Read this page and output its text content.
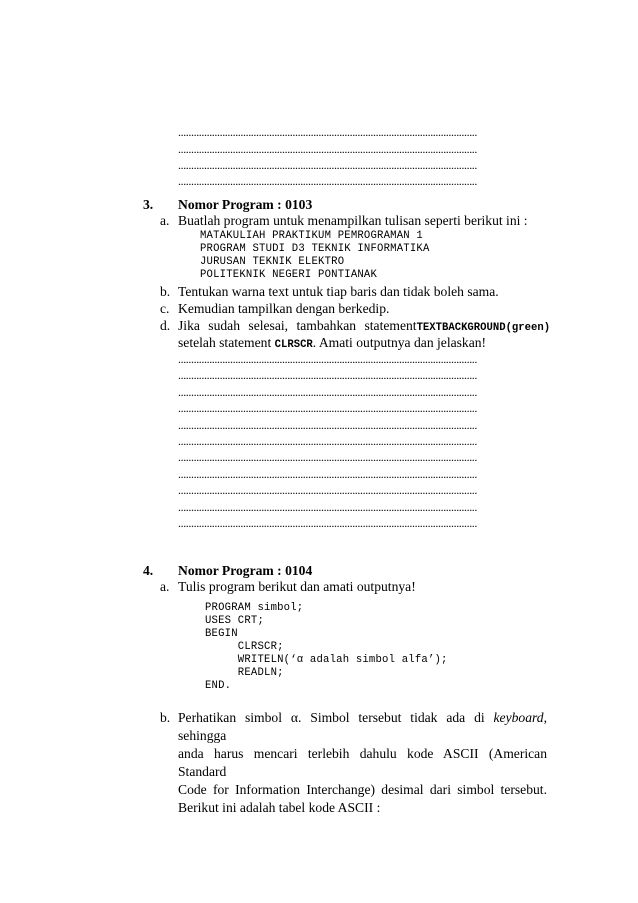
...................................................................................................................
...................................................................................................................
...................................................................................................................
...................................................................................................................
3. Nomor Program : 0103
a. Buatlah program untuk menampilkan tulisan seperti berikut ini :
MATAKULIAH PRAKTIKUM PEMROGRAMAN 1
PROGRAM STUDI D3 TEKNIK INFORMATIKA
JURUSAN TEKNIK ELEKTRO
POLITEKNIK NEGERI PONTIANAK
b. Tentukan warna text untuk tiap baris dan tidak boleh sama.
c. Kemudian tampilkan dengan berkedip.
d. Jika sudah selesai, tambahkan statement TEXTBACKGROUND(green)
setelah statement CLRSCR. Amati outputnya dan jelaskan!
...................................................................................................................
...................................................................................................................
...................................................................................................................
...................................................................................................................
...................................................................................................................
...................................................................................................................
...................................................................................................................
...................................................................................................................
...................................................................................................................
...................................................................................................................
...................................................................................................................
4. Nomor Program : 0104
a. Tulis program berikut dan amati outputnya!
PROGRAM simbol;
USES CRT;
BEGIN
CLRSCR;
WRITELN(‘α adalah simbol alfa’);
READLN;
END.
b. Perhatikan simbol α. Simbol tersebut tidak ada di keyboard, sehingga
anda harus mencari terlebih dahulu kode ASCII (American Standard
Code for Information Interchange) desimal dari simbol tersebut.
Berikut ini adalah tabel kode ASCII :
